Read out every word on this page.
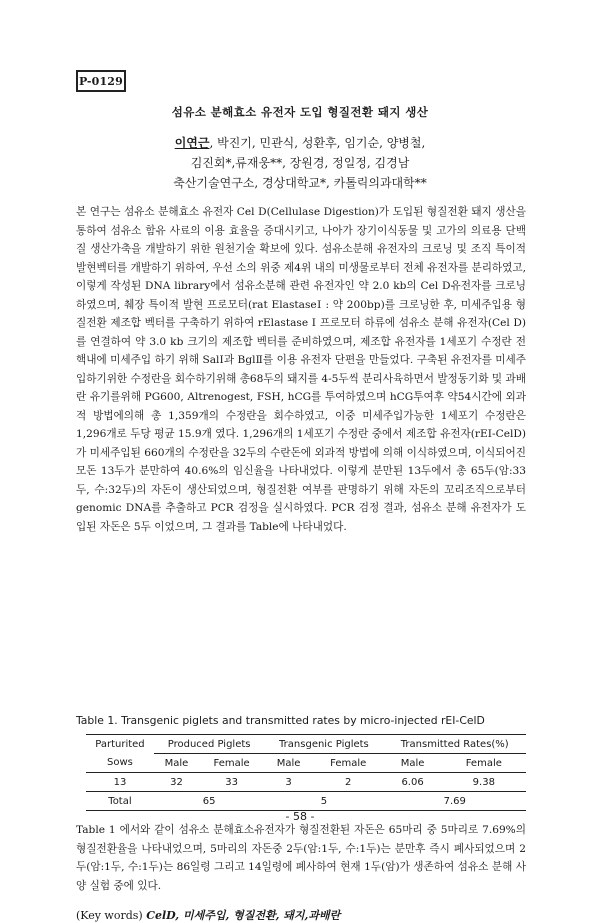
P-0129
섬유소 분해효소 유전자 도입 형질전환 돼지 생산
이연근, 박진기, 민관식, 성환후, 임기순, 양병철,
김진회*,류재웅**, 장원경, 정일정, 김경남
축산기술연구소, 경상대학교*, 카톨릭의과대학**
본 연구는 섬유소 분해효소 유전자 Cel D(Cellulase Digestion)가 도입된 형질전환 돼지 생산을 통하여 섬유소 함유 사료의 이용 효율을 증대시키고, 나아가 장기이식동물 및 고가의 의료용 단백질 생산가축을 개발하기 위한 원천기술 확보에 있다. 섬유소분해 유전자의 크로닝 및 조직 특이적 발현벡터를 개발하기 위하여, 우선 소의 위중 제4위 내의 미생물로부터 전체 유전자를 분리하였고, 이렇게 작성된 DNA library에서 섬유소분해 관련 유전자인 약 2.0 kb의 Cel D유전자를 크로닝하였으며, 췌장 특이적 발현 프로모터(rat ElastaseⅠ : 약 200bp)를 크로닝한 후, 미세주입용 형질전환 제조합 벡터를 구축하기 위하여 rElastase Ⅰ 프로모터 하류에 섬유소 분해 유전자(Cel D)를 연결하여 약 3.0 kb 크기의 제조합 벡터를 준비하였으며, 제조합 유전자를 1세포기 수정란 전핵내에 미세주입 하기 위해 SalⅠ과 BglⅡ를 이용 유전자 단편을 만들었다. 구축된 유전자를 미세주입하기위한 수정란을 회수하기위해 총68두의 돼지를 4-5두씩 분리사육하면서 발정동기화 및 과배란 유기를위해 PG600, Altrenogest, FSH, hCG를 투여하였으며 hCG투여후 약54시간에 외과적 방법에의해 총 1,359개의 수정란을 회수하였고, 이중 미세주입가능한 1세포기 수정란은 1,296개로 두당 평균 15.9개 였다. 1,296개의 1세포기 수정란 중에서 제조합 유전자(rEⅠ-CelD)가 미세주입된 660개의 수정란을 32두의 수란돈에 외과적 방법에 의해 이식하였으며, 이식되어진 모돈 13두가 분만하여 40.6%의 임신율을 나타내었다. 이렇게 분만된 13두에서 총 65두(암:33두, 수:32두)의 자돈이 생산되었으며, 형질전환 여부를 판명하기 위해 자돈의 꼬리조직으로부터 genomic DNA를 추출하고 PCR 검정을 실시하였다. PCR 검정 결과, 섬유소 분해 유전자가 도입된 자돈은 5두 이었으며, 그 결과를 Table에 나타내었다.
Table 1. Transgenic piglets and transmitted rates by micro-injected rEⅠ-CelD
Parturited	Produced Piglets		Transgenic Piglets		Transmitted Rates(%)	
Sows	Male	Female	Male	Female	Male	Female
13	32	33	3	2	6.06	9.38
Total	65		5		7.69	
Table 1 에서와 같이 섬유소 분해효소유전자가 형질전환된 자돈은 65마리 중 5마리로 7.69%의 형질전환율을 나타내었으며, 5마리의 자돈중 2두(암:1두, 수:1두)는 분만후 즉시 폐사되었으며 2두(암:1두, 수:1두)는 86일령 그리고 14일령에 폐사하여 현재 1두(암)가 생존하여 섬유소 분해 사양 실험 중에 있다.
(Key words) CelD, 미세주입, 형질전환, 돼지,과배란
- 58 -
